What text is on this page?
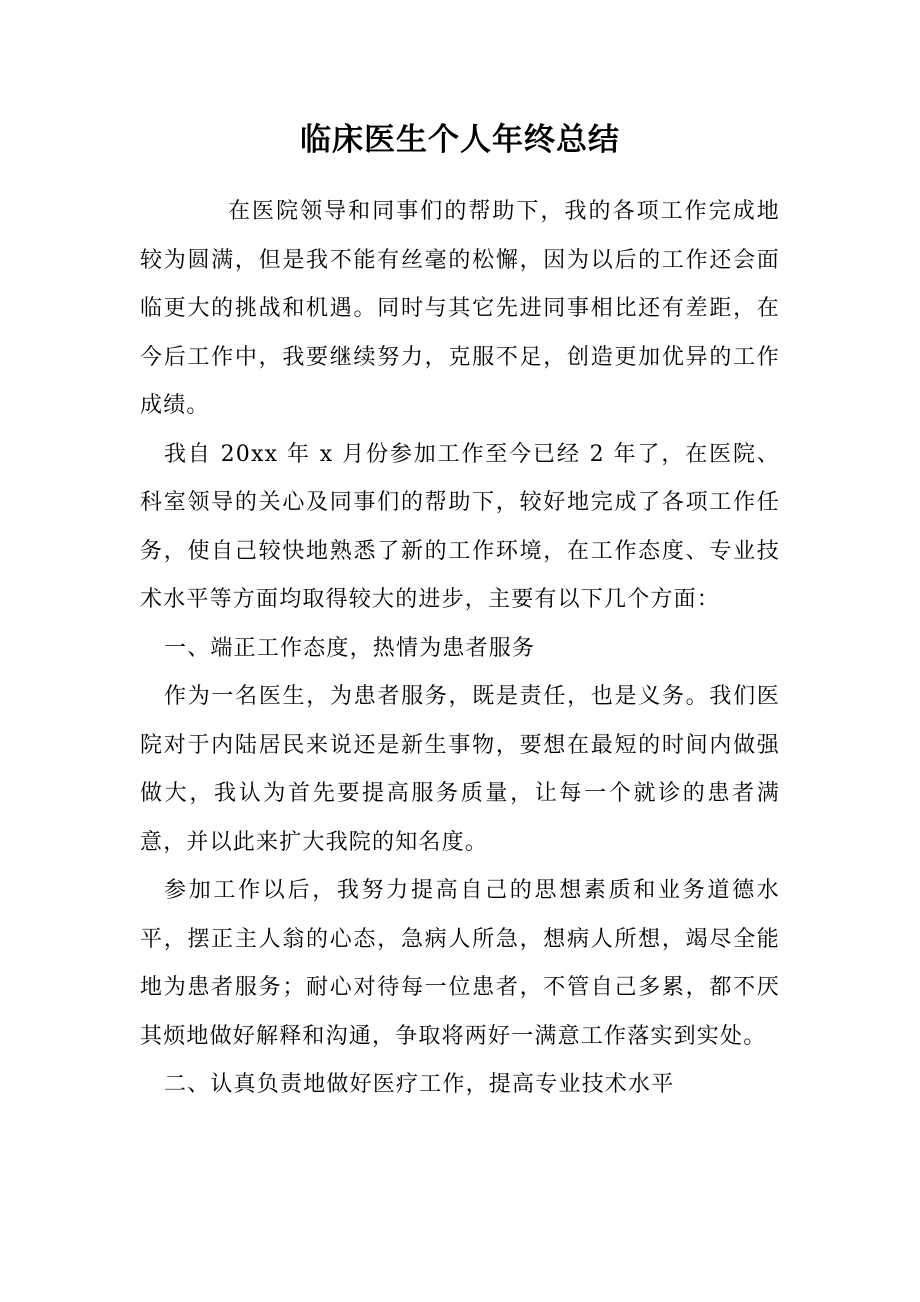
临床医生个人年终总结

在医院领导和同事们的帮助下，我的各项工作完成地较为圆满，但是我不能有丝毫的松懈，因为以后的工作还会面临更大的挑战和机遇。同时与其它先进同事相比还有差距，在今后工作中，我要继续努力，克服不足，创造更加优异的工作成绩。

我自 20xx 年 x 月份参加工作至今已经 2 年了，在医院、科室领导的关心及同事们的帮助下，较好地完成了各项工作任务，使自己较快地熟悉了新的工作环境，在工作态度、专业技术水平等方面均取得较大的进步，主要有以下几个方面：

一、端正工作态度，热情为患者服务

作为一名医生，为患者服务，既是责任，也是义务。我们医院对于内陆居民来说还是新生事物，要想在最短的时间内做强做大，我认为首先要提高服务质量，让每一个就诊的患者满意，并以此来扩大我院的知名度。

参加工作以后，我努力提高自己的思想素质和业务道德水平，摆正主人翁的心态，急病人所急，想病人所想，竭尽全能地为患者服务；耐心对待每一位患者，不管自己多累，都不厌其烦地做好解释和沟通，争取将两好一满意工作落实到实处。

二、认真负责地做好医疗工作，提高专业技术水平
